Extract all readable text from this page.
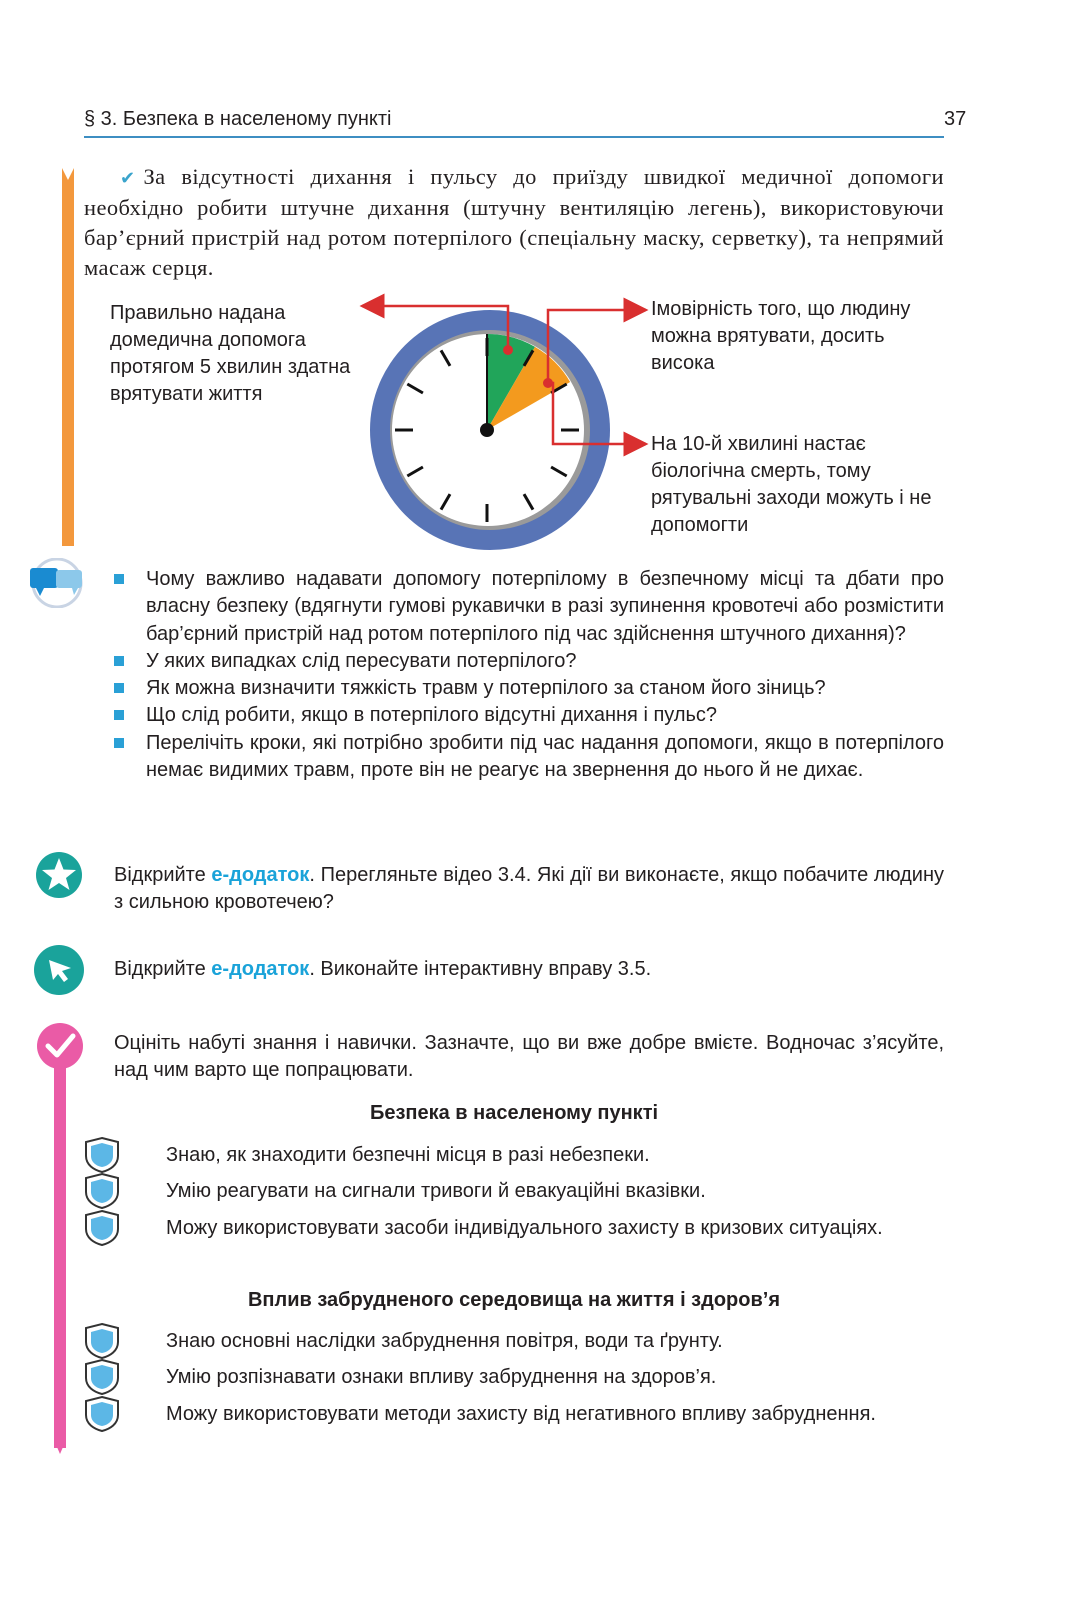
§ 3. Безпека в населеному пункті	37
✔ За відсутності дихання і пульсу до приїзду швидкої медичної допомоги необхідно робити штучне дихання (штучну вентиляцію легень), використовуючи бар’єрний пристрій над ротом потерпілого (спеціальну маску, серветку), та непрямий масаж серця.
Правильно надана домедична допомога протягом 5 хвилин здатна врятувати життя
Імовірність того, що людину можна врятувати, досить висока
На 10-й хвилині настає біологічна смерть, тому рятувальні заходи можуть і не допомогти
Чому важливо надавати допомогу потерпілому в безпечному місці та дбати про власну безпеку (вдягнути гумові рукавички в разі зупинення кровотечі або розмістити бар’єрний пристрій над ротом потерпілого під час здійснення штучного дихання)?
У яких випадках слід пересувати потерпілого?
Як можна визначити тяжкість травм у потерпілого за станом його зіниць?
Що слід робити, якщо в потерпілого відсутні дихання і пульс?
Перелічіть кроки, які потрібно зробити під час надання допомоги, якщо в потерпілого немає видимих травм, проте він не реагує на звернення до нього й не дихає.
Відкрийте е-додаток. Перегляньте відео 3.4. Які дії ви виконаєте, якщо побачите людину з сильною кровотечею?
Відкрийте е-додаток. Виконайте інтерактивну вправу 3.5.
Оцініть набуті знання і навички. Зазначте, що ви вже добре вмієте. Водночас з’ясуйте, над чим варто ще попрацювати.
Безпека в населеному пункті
Знаю, як знаходити безпечні місця в разі небезпеки.
Умію реагувати на сигнали тривоги й евакуаційні вказівки.
Можу використовувати засоби індивідуального захисту в кризових ситуаціях.
Вплив забрудненого середовища на життя і здоров’я
Знаю основні наслідки забруднення повітря, води та ґрунту.
Умію розпізнавати ознаки впливу забруднення на здоров’я.
Можу використовувати методи захисту від негативного впливу забруднення.
